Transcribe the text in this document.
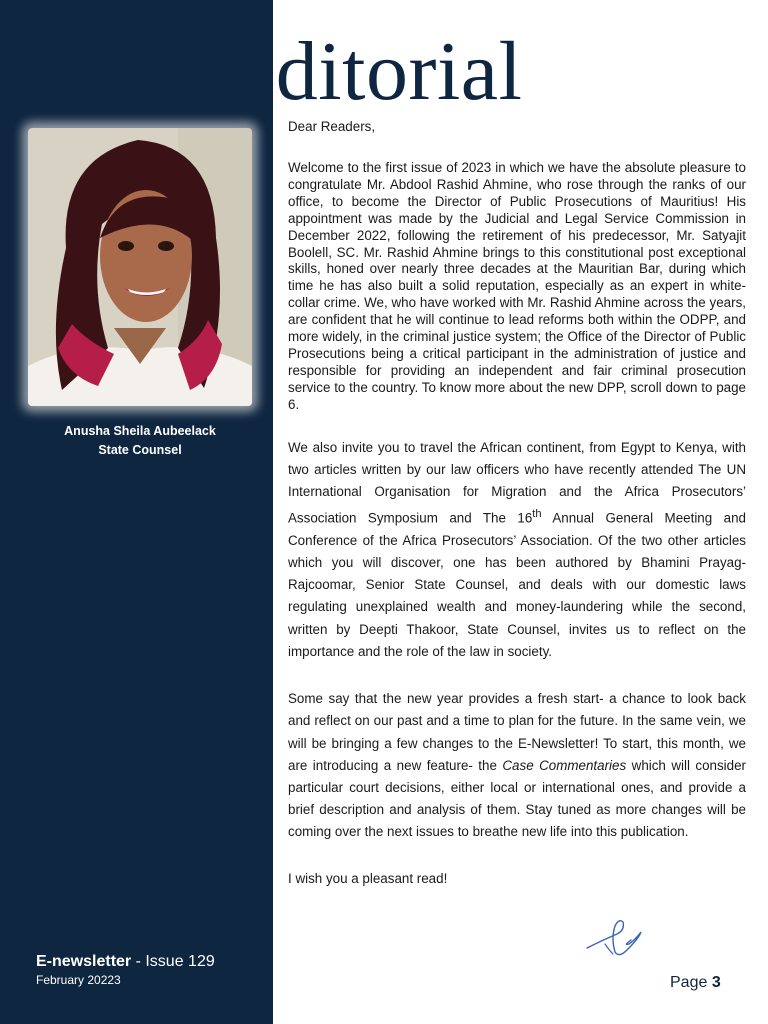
Editorial
Anusha Sheila Aubeelack
State Counsel

Dear Readers,

Welcome to the first issue of 2023 in which we have the absolute pleasure to congratulate Mr. Abdool Rashid Ahmine, who rose through the ranks of our office, to become the Director of Public Prosecutions of Mauritius! His appointment was made by the Judicial and Legal Service Commission in December 2022, following the retirement of his predecessor, Mr. Satyajit Boolell, SC. Mr. Rashid Ahmine brings to this constitutional post exceptional skills, honed over nearly three decades at the Mauritian Bar, during which time he has also built a solid reputation, especially as an expert in white-collar crime. We, who have worked with Mr. Rashid Ahmine across the years, are confident that he will continue to lead reforms both within the ODPP, and more widely, in the criminal justice system; the Office of the Director of Public Prosecutions being a critical participant in the administration of justice and responsible for providing an independent and fair criminal prosecution service to the country. To know more about the new DPP, scroll down to page 6.

We also invite you to travel the African continent, from Egypt to Kenya, with two articles written by our law officers who have recently attended The UN International Organisation for Migration and the Africa Prosecutors’ Association Symposium and The 16th Annual General Meeting and Conference of the Africa Prosecutors’ Association. Of the two other articles which you will discover, one has been authored by Bhamini Prayag-Rajcoomar, Senior State Counsel, and deals with our domestic laws regulating unexplained wealth and money-laundering while the second, written by Deepti Thakoor, State Counsel, invites us to reflect on the importance and the role of the law in society.

Some say that the new year provides a fresh start- a chance to look back and reflect on our past and a time to plan for the future. In the same vein, we will be bringing a few changes to the E-Newsletter! To start, this month, we are introducing a new feature- the Case Commentaries which will consider particular court decisions, either local or international ones, and provide a brief description and analysis of them. Stay tuned as more changes will be coming over the next issues to breathe new life into this publication.

I wish you a pleasant read!

E-newsletter - Issue 129
February 20223	Page 3
